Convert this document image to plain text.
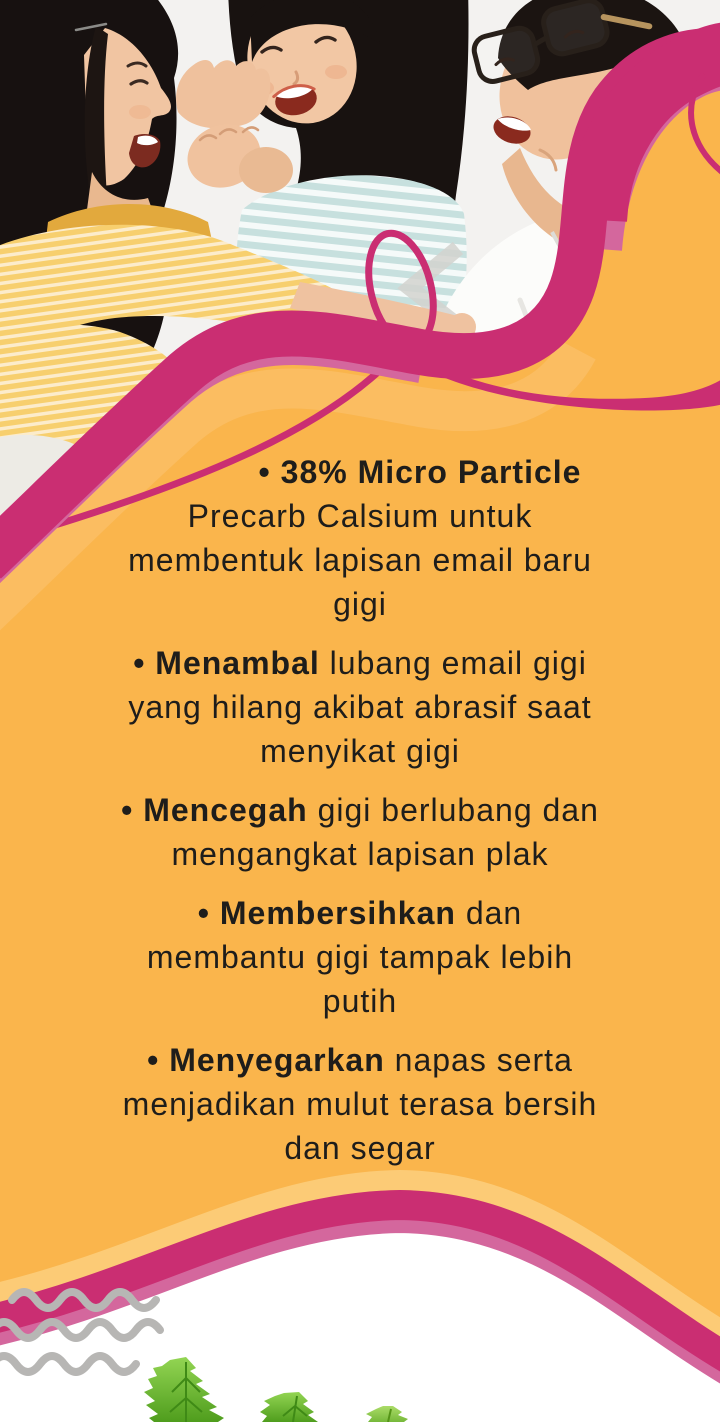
• 38% Micro Particle
Precarb Calsium untuk
membentuk lapisan email baru
gigi

• Menambal lubang email gigi
yang hilang akibat abrasif saat
menyikat gigi

• Mencegah gigi berlubang dan
mengangkat lapisan plak

• Membersihkan dan
membantu gigi tampak lebih
putih

• Menyegarkan napas serta
menjadikan mulut terasa bersih
dan segar
